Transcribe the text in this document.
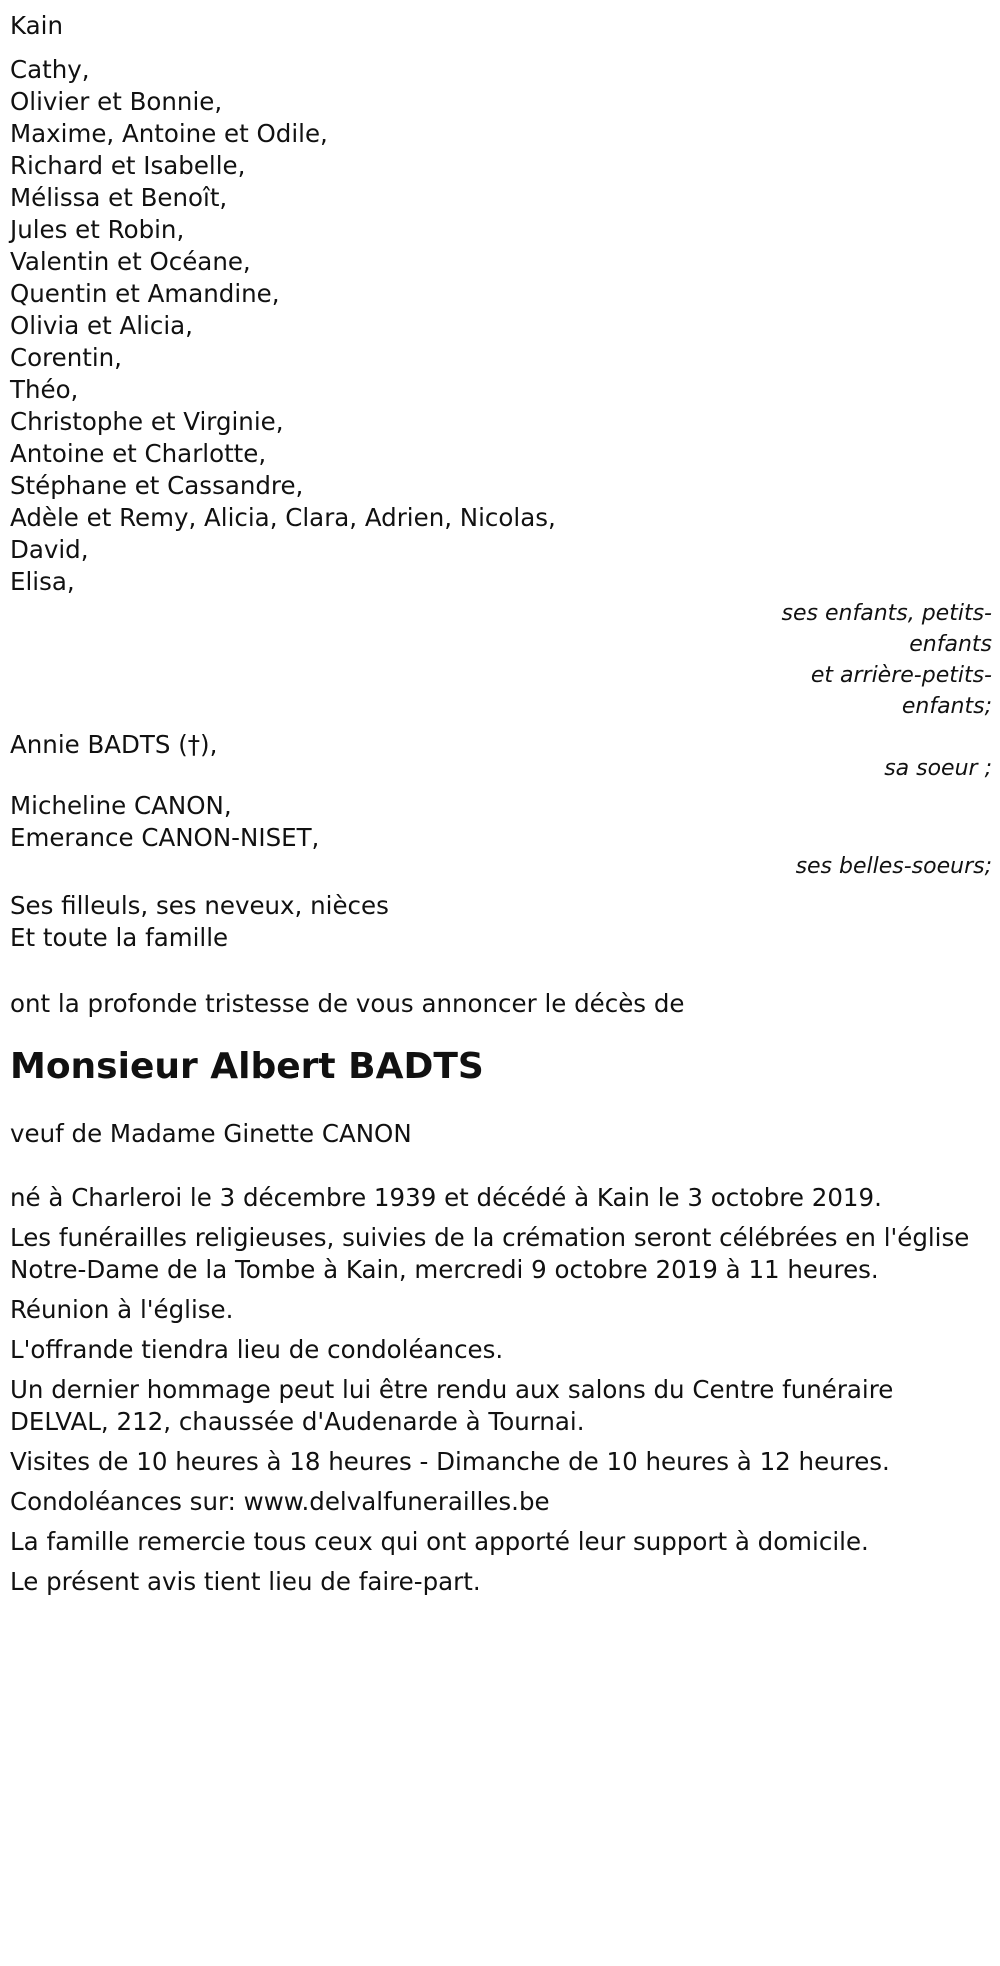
Kain
Cathy,
Olivier et Bonnie,
Maxime, Antoine et Odile,
Richard et Isabelle,
Mélissa et Benoît,
Jules et Robin,
Valentin et Océane,
Quentin et Amandine,
Olivia et Alicia,
Corentin,
Théo,
Christophe et Virginie,
Antoine et Charlotte,
Stéphane et Cassandre,
Adèle et Remy, Alicia, Clara, Adrien, Nicolas,
David,
Elisa,
ses enfants, petits-enfants
et arrière-petits-enfants;
Annie BADTS (†),
sa soeur ;
Micheline CANON,
Emerance CANON-NISET,
ses belles-soeurs;
Ses filleuls, ses neveux, nièces
Et toute la famille
ont la profonde tristesse de vous annoncer le décès de
Monsieur Albert BADTS
veuf de Madame Ginette CANON
né à Charleroi le 3 décembre 1939 et décédé à Kain le 3 octobre 2019.
Les funérailles religieuses, suivies de la crémation seront célébrées en l'église Notre-Dame de la Tombe à Kain, mercredi 9 octobre 2019 à 11 heures.
Réunion à l'église.
L'offrande tiendra lieu de condoléances.
Un dernier hommage peut lui être rendu aux salons du Centre funéraire DELVAL, 212, chaussée d'Audenarde à Tournai.
Visites de 10 heures à 18 heures - Dimanche de 10 heures à 12 heures.
Condoléances sur: www.delvalfunerailles.be
La famille remercie tous ceux qui ont apporté leur support à domicile.
Le présent avis tient lieu de faire-part.
